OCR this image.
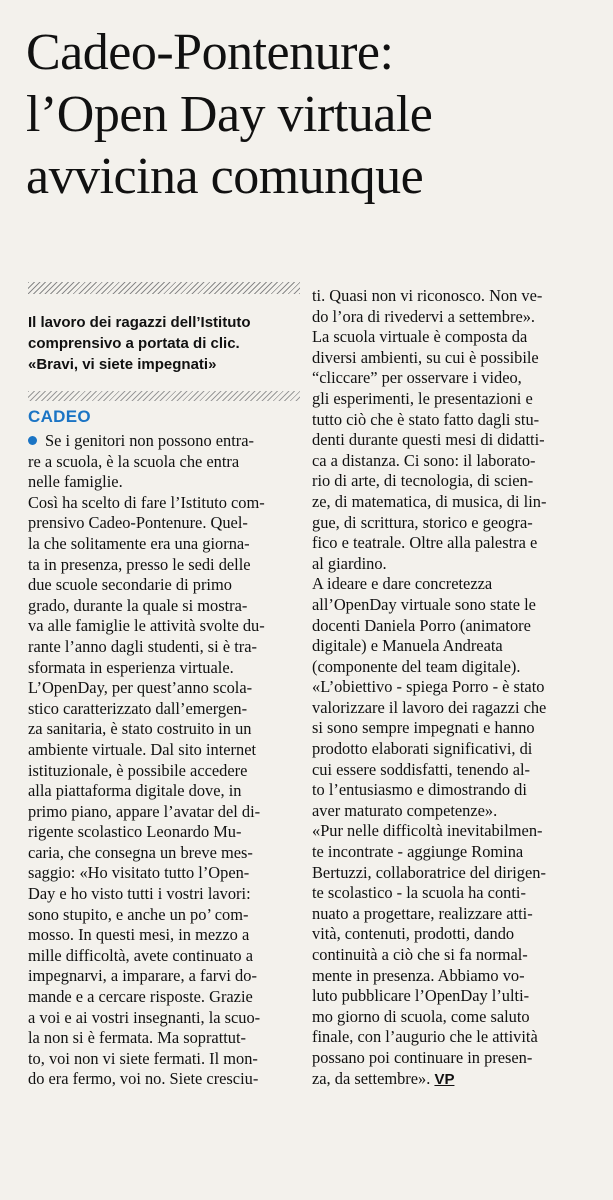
Cadeo-Pontenure:
l’Open Day virtuale
avvicina comunque
Il lavoro dei ragazzi dell’Istituto
comprensivo a portata di clic.
«Bravi, vi siete impegnati»
CADEO
Se i genitori non possono entra-
re a scuola, è la scuola che entra
nelle famiglie.
Così ha scelto di fare l’Istituto com-
prensivo Cadeo-Pontenure. Quel-
la che solitamente era una giorna-
ta in presenza, presso le sedi delle
due scuole secondarie di primo
grado, durante la quale si mostra-
va alle famiglie le attività svolte du-
rante l’anno dagli studenti, si è tra-
sformata in esperienza virtuale.
L’OpenDay, per quest’anno scola-
stico caratterizzato dall’emergen-
za sanitaria, è stato costruito in un
ambiente virtuale. Dal sito internet
istituzionale, è possibile accedere
alla piattaforma digitale dove, in
primo piano, appare l’avatar del di-
rigente scolastico Leonardo Mu-
caria, che consegna un breve mes-
saggio: «Ho visitato tutto l’Open-
Day e ho visto tutti i vostri lavori:
sono stupito, e anche un po’ com-
mosso. In questi mesi, in mezzo a
mille difficoltà, avete continuato a
impegnarvi, a imparare, a farvi do-
mande e a cercare risposte. Grazie
a voi e ai vostri insegnanti, la scuo-
la non si è fermata. Ma soprattut-
to, voi non vi siete fermati. Il mon-
do era fermo, voi no. Siete cresciu-
ti. Quasi non vi riconosco. Non ve-
do l’ora di rivedervi a settembre».
La scuola virtuale è composta da
diversi ambienti, su cui è possibile
“cliccare” per osservare i video,
gli esperimenti, le presentazioni e
tutto ciò che è stato fatto dagli stu-
denti durante questi mesi di didatti-
ca a distanza. Ci sono: il laborato-
rio di arte, di tecnologia, di scien-
ze, di matematica, di musica, di lin-
gue, di scrittura, storico e geogra-
fico e teatrale. Oltre alla palestra e
al giardino.
A ideare e dare concretezza
all’OpenDay virtuale sono state le
docenti Daniela Porro (animatore
digitale) e Manuela Andreata
(componente del team digitale).
«L’obiettivo - spiega Porro - è stato
valorizzare il lavoro dei ragazzi che
si sono sempre impegnati e hanno
prodotto elaborati significativi, di
cui essere soddisfatti, tenendo al-
to l’entusiasmo e dimostrando di
aver maturato competenze».
«Pur nelle difficoltà inevitabilmen-
te incontrate - aggiunge Romina
Bertuzzi, collaboratrice del dirigen-
te scolastico - la scuola ha conti-
nuato a progettare, realizzare atti-
vità, contenuti, prodotti, dando
continuità a ciò che si fa normal-
mente in presenza. Abbiamo vo-
luto pubblicare l’OpenDay l’ulti-
mo giorno di scuola, come saluto
finale, con l’augurio che le attività
possano poi continuare in presen-
za, da settembre». VP
